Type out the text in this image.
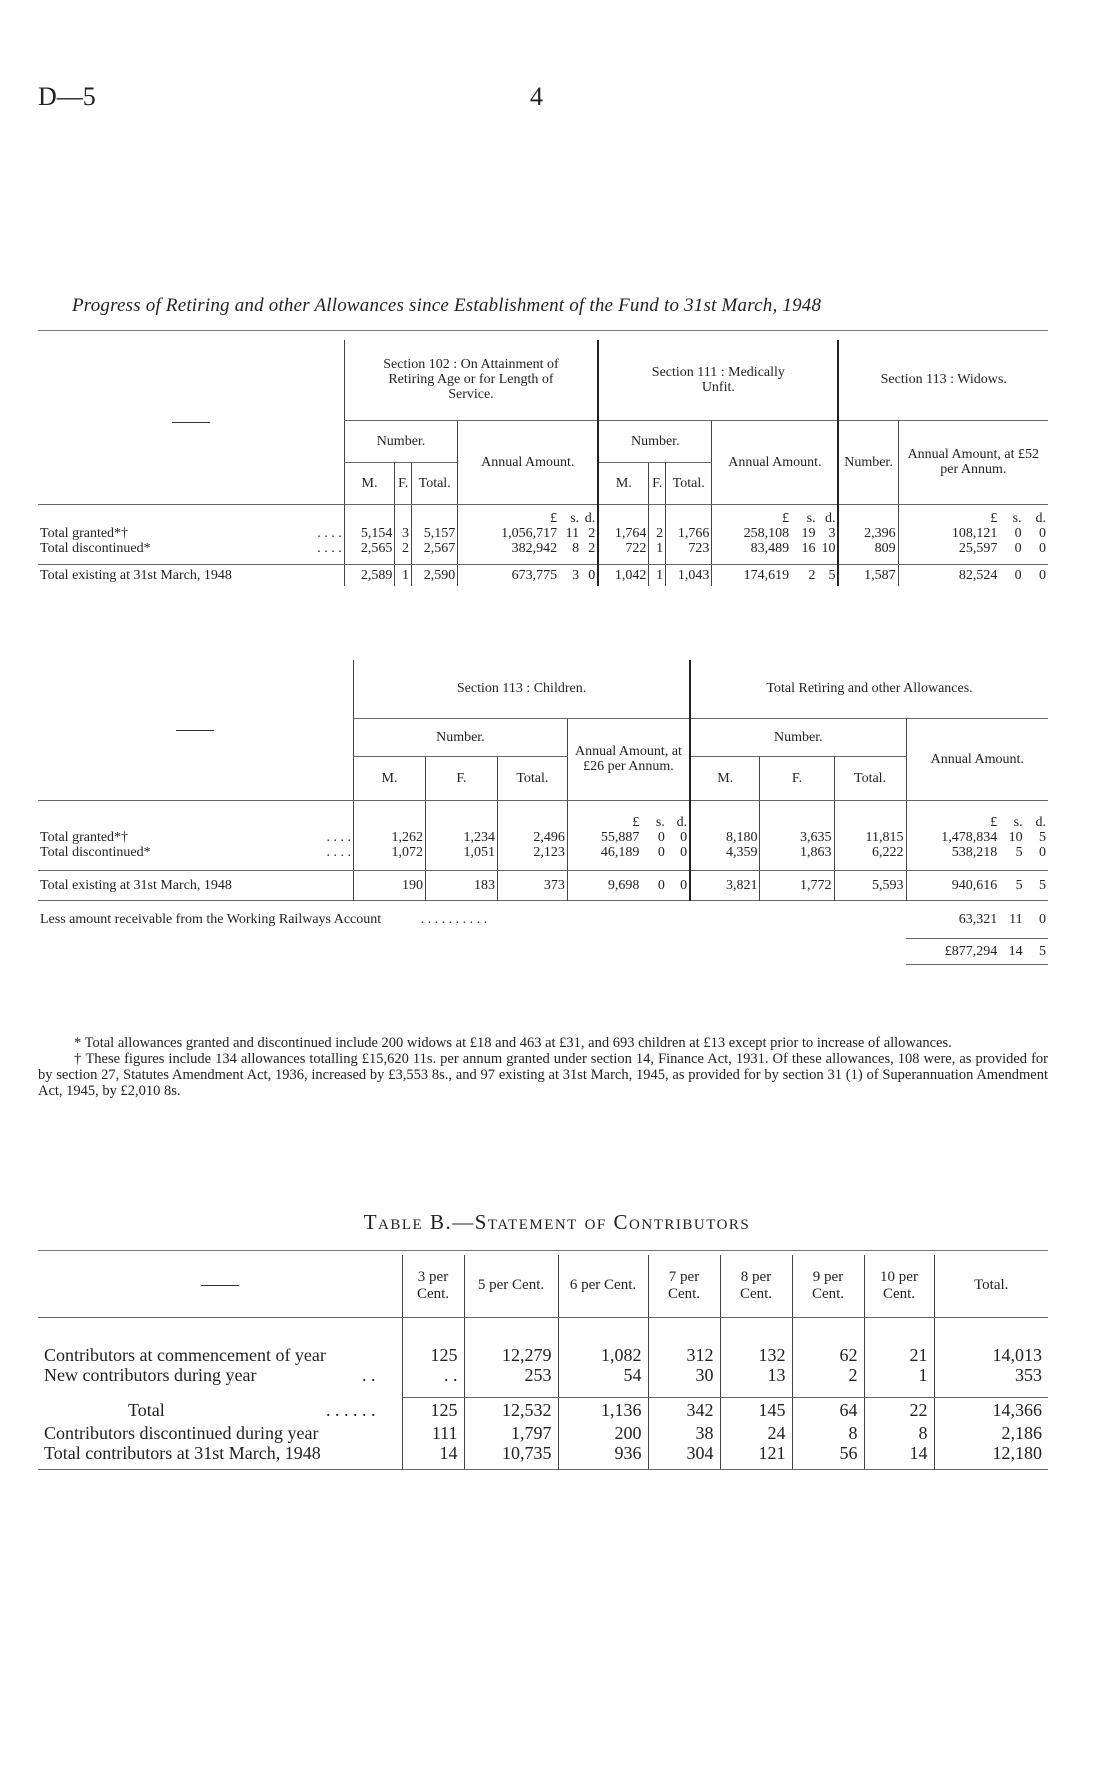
D—5	4
Progress of Retiring and other Allowances since Establishment of the Fund to 31st March, 1948
	Section 102 : On Attainment of Retiring Age or for Length of Service.						Section 111 : Medically Unfit.						Section 113 : Widows.			
	Number.			Annual Amount.			Number.			Annual Amount.			Number.	Annual Amount, at £52 per Annum.		
	M.	F.	Total.				M.	F.	Total.							
				£	s.	d.				£	s.	d.		£	s.	d.
Total granted*† . . . .	5,154	3	5,157	1,056,717	11	2	1,764	2	1,766	258,108	19	3	2,396	108,121	0	0
Total discontinued* . . . .	2,565	2	2,567	382,942	8	2	722	1	723	83,489	16	10	809	25,597	0	0

Total existing at 31st March, 1948	2,589	1	2,590	673,775	3	0	1,042	1	1,043	174,619	2	5	1,587	82,524	0	0
	Section 113 : Children.						Total Retiring and other Allowances.					
	Number.			Annual Amount, at £26 per Annum.			Number.			Annual Amount.		
	M.	F.	Total.				M.	F.	Total.			
				£	s.	d.				£	s.	d.
Total granted*† . . . .	1,262	1,234	2,496	55,887	0	0	8,180	3,635	11,815	1,478,834	10	5
Total discontinued* . . . .	1,072	1,051	2,123	46,189	0	0	4,359	1,863	6,222	538,218	5	0

Total existing at 31st March, 1948	190	183	373	9,698	0	0	3,821	1,772	5,593	940,616	5	5
Less amount receivable from the Working Railways Account . . . . . . . . . .										63,321	11	0
										£877,294	14	5

* Total allowances granted and discontinued include 200 widows at £18 and 463 at £31, and 693 children at £13 except prior to increase of allowances.

† These figures include 134 allowances totalling £15,620 11s. per annum granted under section 14, Finance Act, 1931. Of these allowances, 108 were, as provided for by section 27, Statutes Amendment Act, 1936, increased by £3,553 8s., and 97 existing at 31st March, 1945, as provided for by section 31 (1) of Superannuation Amendment Act, 1945, by £2,010 8s.

Table B.—Statement of Contributors
	3 per Cent.	5 per Cent.	6 per Cent.	7 per Cent.	8 per Cent.	9 per Cent.	10 per Cent.	Total.

Contributors at commencement of year	125	12,279	1,082	312	132	62	21	14,013
New contributors during year . .	. .	253	54	30	13	2	1	353

Total . . . . . .	125	12,532	1,136	342	145	64	22	14,366
Contributors discontinued during year	111	1,797	200	38	24	8	8	2,186
Total contributors at 31st March, 1948	14	10,735	936	304	121	56	14	12,180
